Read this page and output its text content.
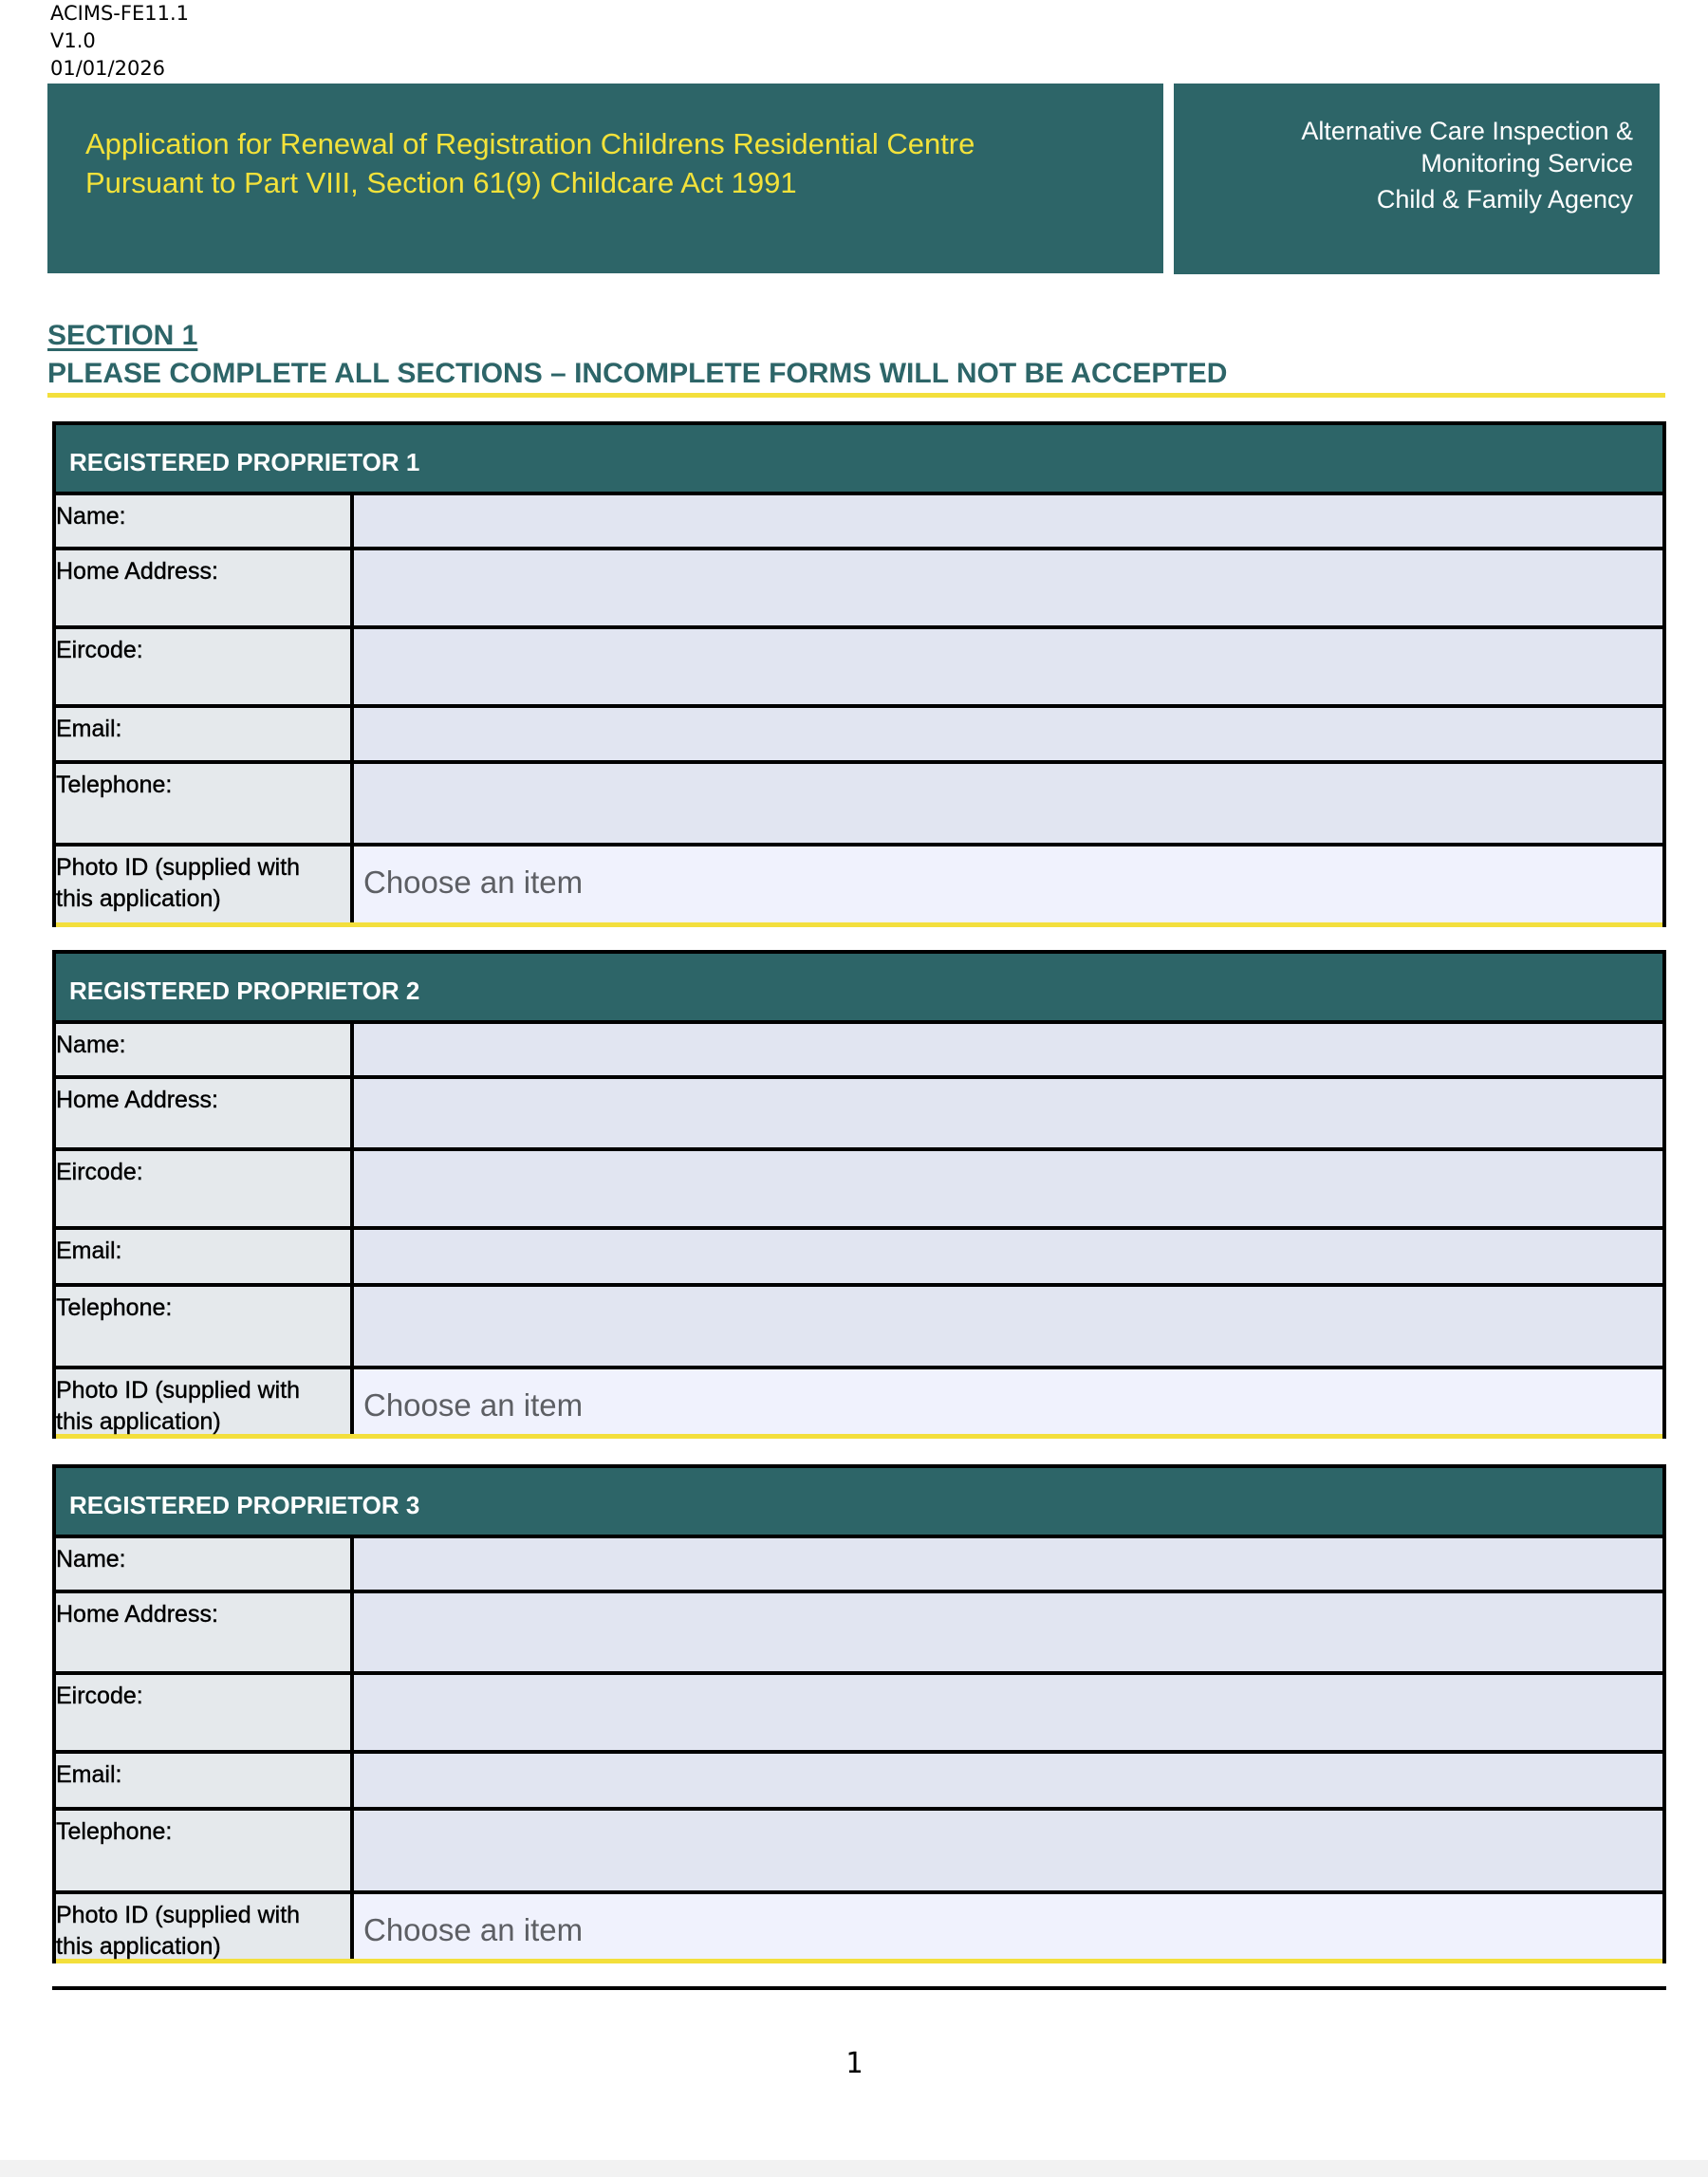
ACIMS-FE11.1
V1.0
01/01/2026
Application for Renewal of Registration Childrens Residential Centre
Pursuant to Part VIII, Section 61(9) Childcare Act 1991
Alternative Care Inspection &
Monitoring Service
Child & Family Agency
SECTION 1
PLEASE COMPLETE ALL SECTIONS – INCOMPLETE FORMS WILL NOT BE ACCEPTED
REGISTERED PROPRIETOR 1
Name:
Home Address:
Eircode:
Email:
Telephone:
Photo ID (supplied with
this application)	Choose an item
REGISTERED PROPRIETOR 2
Name:
Home Address:
Eircode:
Email:
Telephone:
Photo ID (supplied with
this application)	Choose an item
REGISTERED PROPRIETOR 3
Name:
Home Address:
Eircode:
Email:
Telephone:
Photo ID (supplied with
this application)	Choose an item
1
